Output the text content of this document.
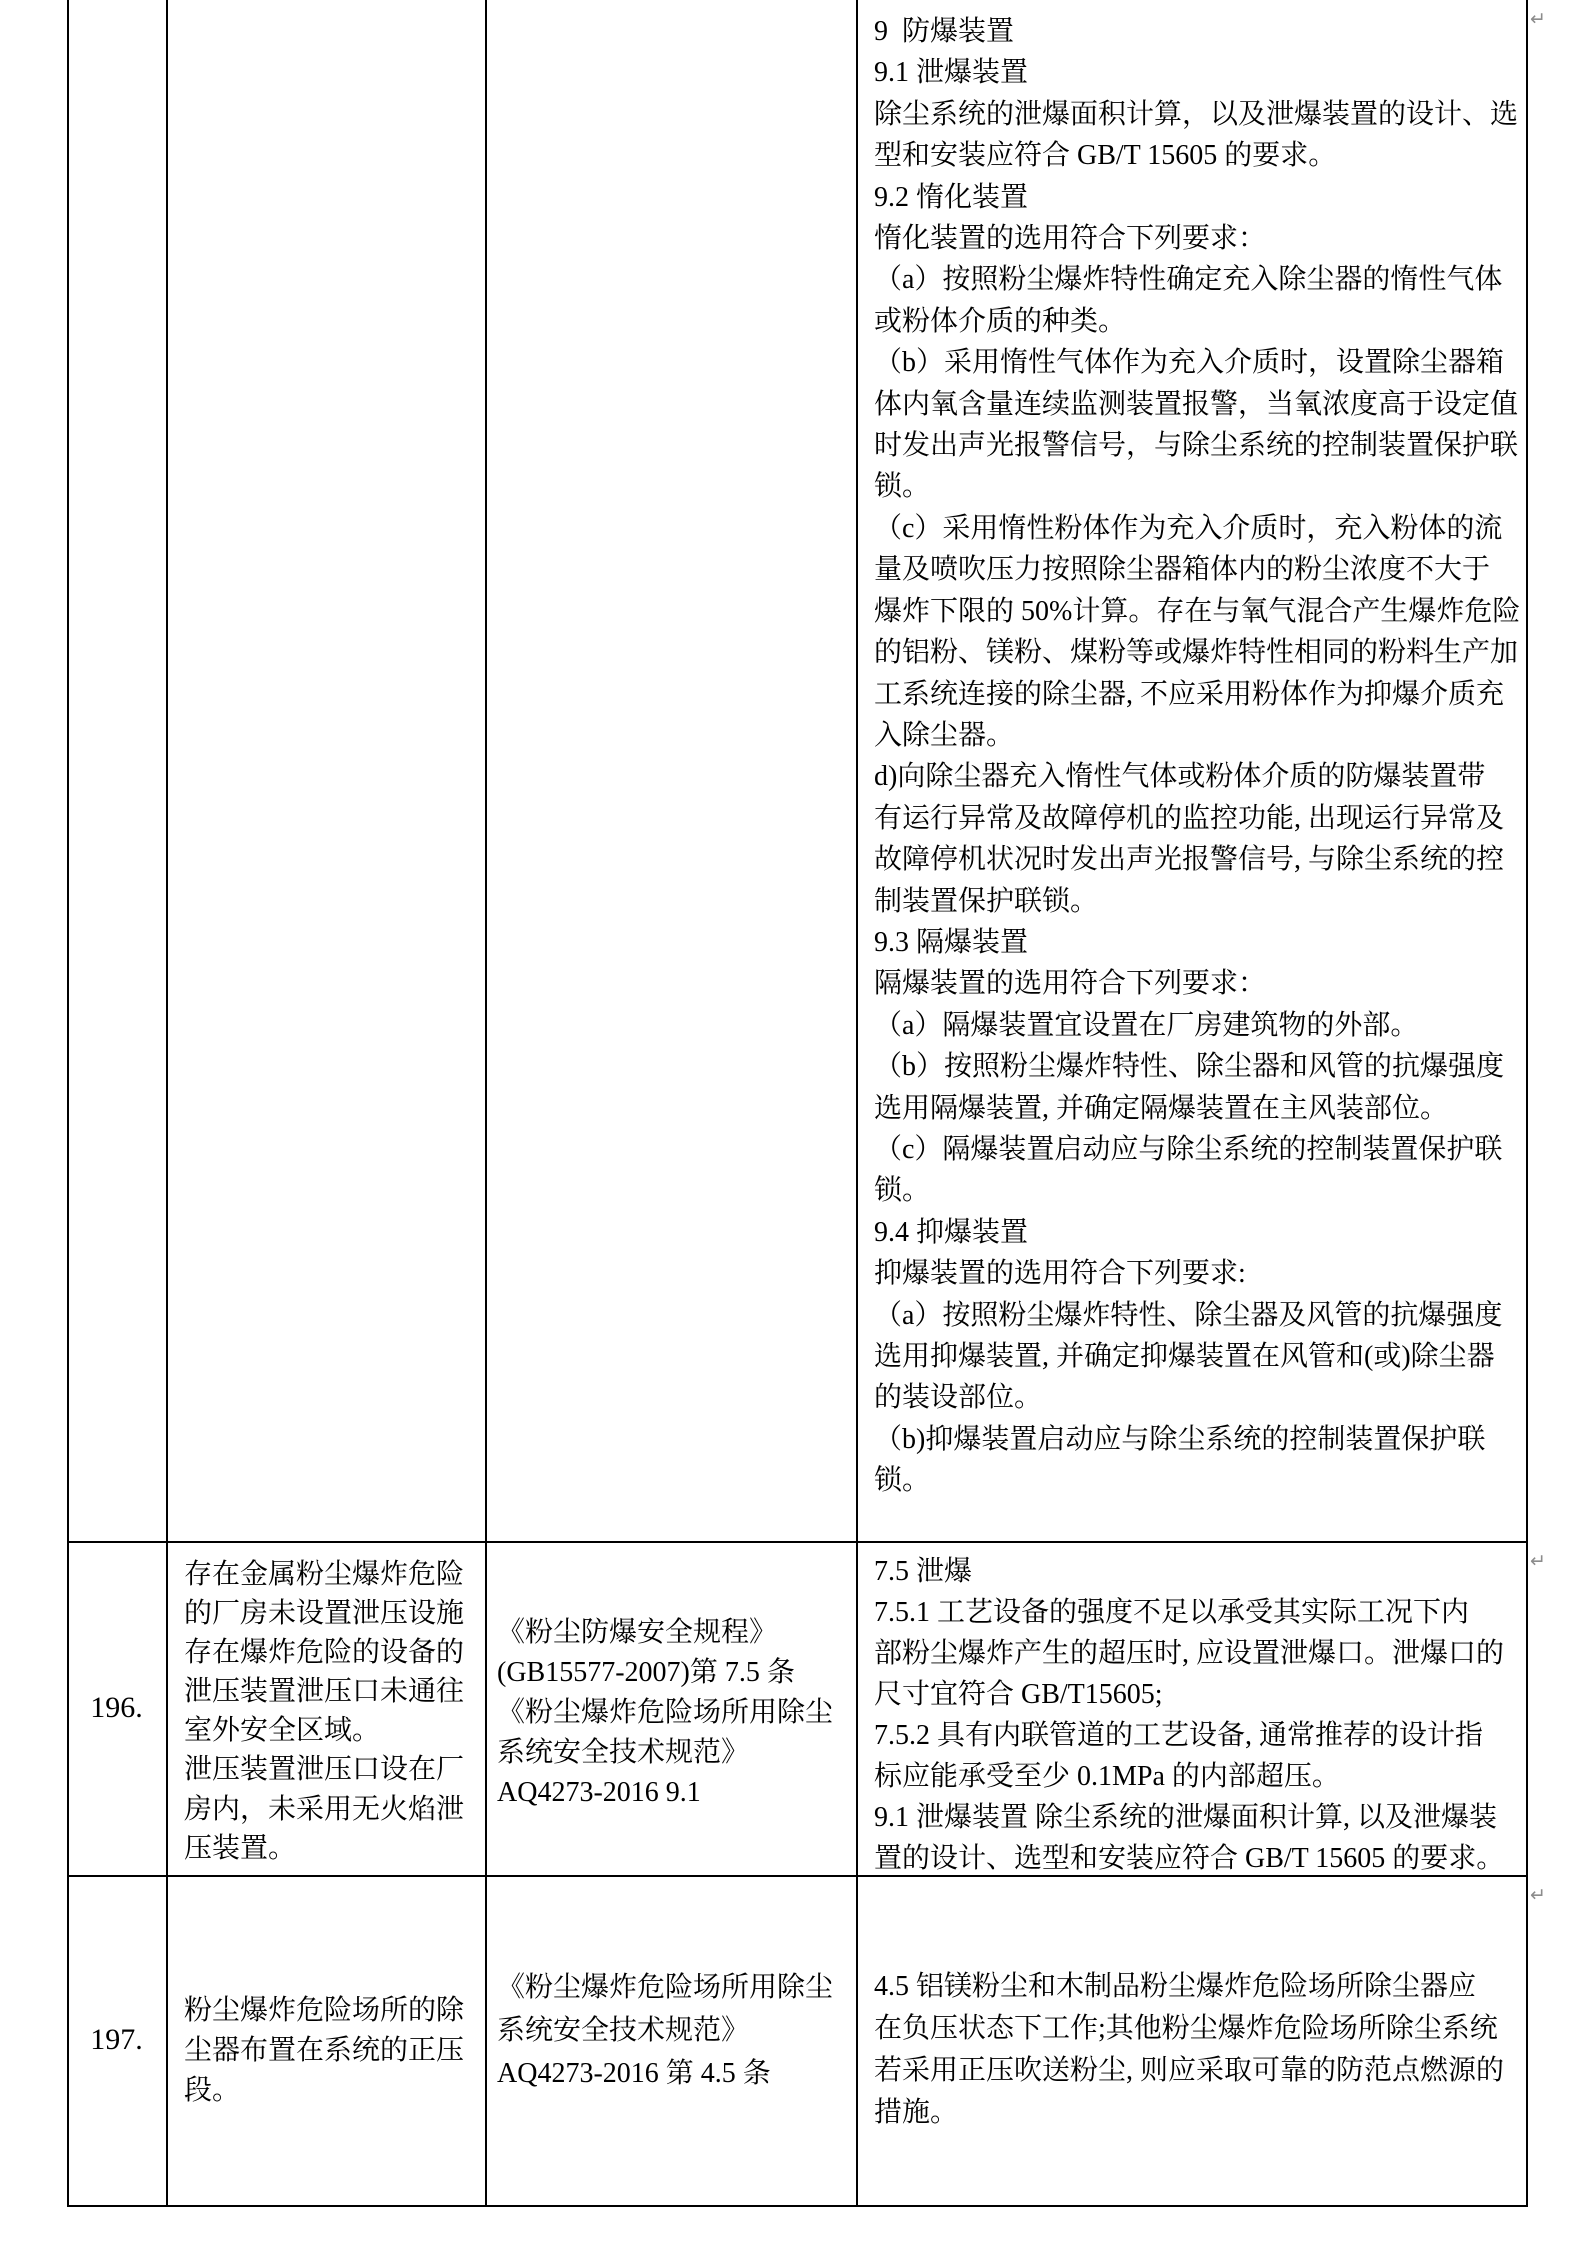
9  防爆装置
9.1 泄爆装置
除尘系统的泄爆面积计算，以及泄爆装置的设计、选
型和安装应符合 GB/T 15605 的要求。
9.2 惰化装置
惰化装置的选用符合下列要求：
（a）按照粉尘爆炸特性确定充入除尘器的惰性气体
或粉体介质的种类。
（b）采用惰性气体作为充入介质时，设置除尘器箱
体内氧含量连续监测装置报警，当氧浓度高于设定值
时发出声光报警信号，与除尘系统的控制装置保护联
锁。
（c）采用惰性粉体作为充入介质时，充入粉体的流
量及喷吹压力按照除尘器箱体内的粉尘浓度不大于
爆炸下限的 50%计算。存在与氧气混合产生爆炸危险
的铝粉、镁粉、煤粉等或爆炸特性相同的粉料生产加
工系统连接的除尘器, 不应采用粉体作为抑爆介质充
入除尘器。
d)向除尘器充入惰性气体或粉体介质的防爆装置带
有运行异常及故障停机的监控功能, 出现运行异常及
故障停机状况时发出声光报警信号, 与除尘系统的控
制装置保护联锁。
9.3 隔爆装置
隔爆装置的选用符合下列要求：
（a）隔爆装置宜设置在厂房建筑物的外部。
（b）按照粉尘爆炸特性、除尘器和风管的抗爆强度
选用隔爆装置, 并确定隔爆装置在主风装部位。
（c）隔爆装置启动应与除尘系统的控制装置保护联
锁。
9.4 抑爆装置
抑爆装置的选用符合下列要求:
（a）按照粉尘爆炸特性、除尘器及风管的抗爆强度
选用抑爆装置, 并确定抑爆装置在风管和(或)除尘器
的装设部位。
（b)抑爆装置启动应与除尘系统的控制装置保护联
锁。
196.
存在金属粉尘爆炸危险
的厂房未设置泄压设施
存在爆炸危险的设备的
泄压装置泄压口未通往
室外安全区域。
泄压装置泄压口设在厂
房内，未采用无火焰泄
压装置。
《粉尘防爆安全规程》
(GB15577-2007)第 7.5 条
《粉尘爆炸危险场所用除尘
系统安全技术规范》
AQ4273-2016 9.1
7.5 泄爆
7.5.1 工艺设备的强度不足以承受其实际工况下内
部粉尘爆炸产生的超压时, 应设置泄爆口。泄爆口的
尺寸宜符合 GB/T15605;
7.5.2 具有内联管道的工艺设备, 通常推荐的设计指
标应能承受至少 0.1MPa 的内部超压。
9.1 泄爆装置 除尘系统的泄爆面积计算, 以及泄爆装
置的设计、选型和安装应符合 GB/T 15605 的要求。
197.
粉尘爆炸危险场所的除
尘器布置在系统的正压
段。
《粉尘爆炸危险场所用除尘
系统安全技术规范》
AQ4273-2016 第 4.5 条
4.5 铝镁粉尘和木制品粉尘爆炸危险场所除尘器应
在负压状态下工作;其他粉尘爆炸危险场所除尘系统
若采用正压吹送粉尘, 则应采取可靠的防范点燃源的
措施。
↵
↵
↵
